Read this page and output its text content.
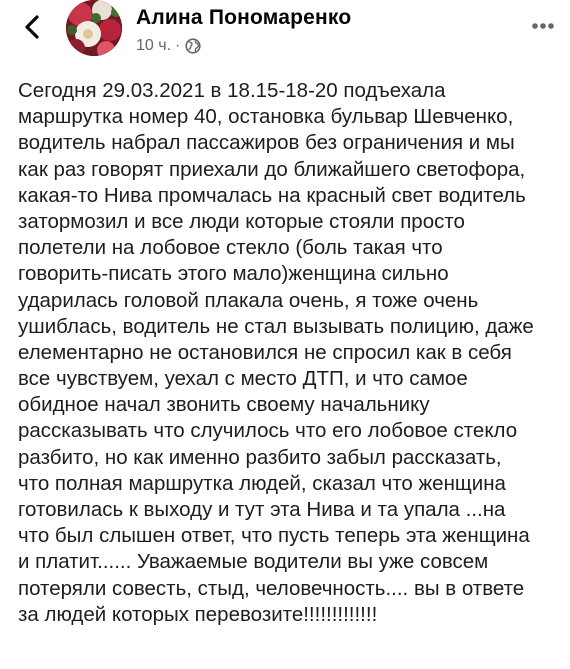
Алина Пономаренко
10 ч. ·
Сегодня 29.03.2021 в 18.15-18-20 подъехала
маршрутка номер 40, остановка бульвар Шевченко,
водитель набрал пассажиров без ограничения и мы
как раз говорят приехали до ближайшего светофора,
какая-то Нива промчалась на красный свет водитель
затормозил и все люди которые стояли просто
полетели на лобовое стекло (боль такая что
говорить-писать этого мало)женщина сильно
ударилась головой плакала очень, я тоже очень
ушиблась, водитель не стал вызывать полицию, даже
елементарно не остановился не спросил как в себя
все чувствуем, уехал с место ДТП, и что самое
обидное начал звонить своему начальнику
рассказывать что случилось что его лобовое стекло
разбито, но как именно разбито забыл рассказать,
что полная маршрутка людей, сказал что женщина
готовилась к выходу и тут эта Нива и та упала ...на
что был слышен ответ, что пусть теперь эта женщина
и платит...... Уважаемые водители вы уже совсем
потеряли совесть, стыд, человечность.... вы в ответе
за людей которых перевозите!!!!!!!!!!!!!
